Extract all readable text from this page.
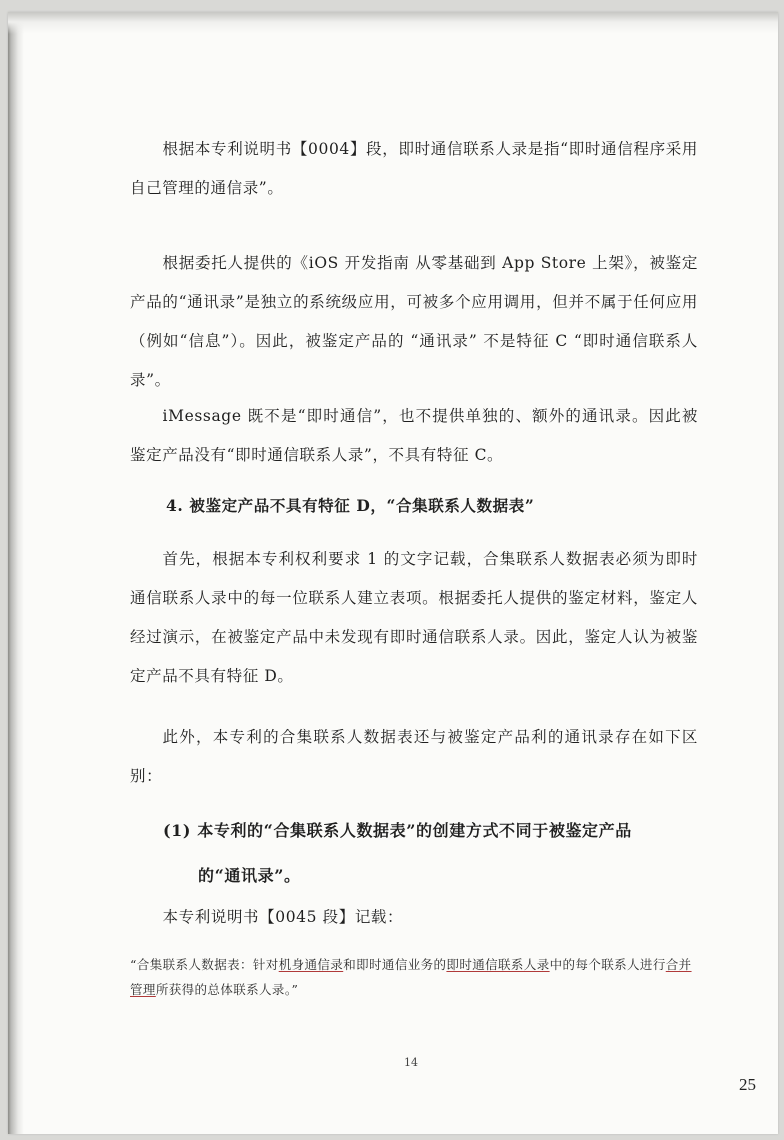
根据本专利说明书【0004】段，即时通信联系人录是指“即时通信程序采用自己管理的通信录”。

根据委托人提供的《iOS 开发指南 从零基础到 App Store 上架》，被鉴定产品的“通讯录”是独立的系统级应用，可被多个应用调用，但并不属于任何应用（例如“信息”）。因此，被鉴定产品的 “通讯录” 不是特征 C “即时通信联系人录”。

iMessage 既不是“即时通信”，也不提供单独的、额外的通讯录。因此被鉴定产品没有“即时通信联系人录”，不具有特征 C。

4. 被鉴定产品不具有特征 D，“合集联系人数据表”

首先，根据本专利权利要求 1 的文字记载，合集联系人数据表必须为即时通信联系人录中的每一位联系人建立表项。根据委托人提供的鉴定材料，鉴定人经过演示，在被鉴定产品中未发现有即时通信联系人录。因此，鉴定人认为被鉴定产品不具有特征 D。

此外，本专利的合集联系人数据表还与被鉴定产品利的通讯录存在如下区别：

(1) 本专利的“合集联系人数据表”的创建方式不同于被鉴定产品
的“通讯录”。

本专利说明书【0045 段】记载：

“合集联系人数据表：针对机身通信录和即时通信业务的即时通信联系人录中的每个联系人进行合并管理所获得的总体联系人录。”

14

25
